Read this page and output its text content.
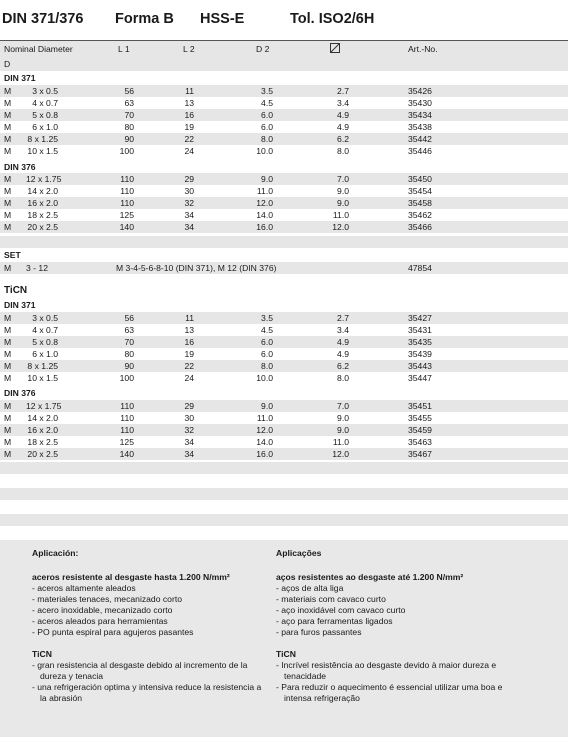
DIN 371/376 Forma B HSS-E	Tol. ISO2/6H
Nominal Diameter
D
L 1	L 2	D 2	Art.-No.
DIN 371
M	3 x 0.5	56	11	3.5	2.7	35426
M	4 x 0.7	63	13	4.5	3.4	35430
M	5 x 0.8	70	16	6.0	4.9	35434
M	6 x 1.0	80	19	6.0	4.9	35438
M 8 x 1.25	90	22	8.0	6.2	35442
M 10 x 1.5	100	24	10.0	8.0	35446
DIN 376
M 12 x 1.75	110	29	9.0	7.0	35450
M 14 x 2.0	110	30	11.0	9.0	35454
M 16 x 2.0	110	32	12.0	9.0	35458
M 18 x 2.5	125	34	14.0	11.0	35462
M 20 x 2.5	140	34	16.0	12.0	35466
SET
M 3 - 12	M 3-4-5-6-8-10 (DIN 371), M 12 (DIN 376)	47854
TiCN
DIN 371
M	3 x 0.5	56	11	3.5	2.7	35427
M	4 x 0.7	63	13	4.5	3.4	35431
M	5 x 0.8	70	16	6.0	4.9	35435
M	6 x 1.0	80	19	6.0	4.9	35439
M 8 x 1.25	90	22	8.0	6.2	35443
M 10 x 1.5	100	24	10.0	8.0	35447
DIN 376
M 12 x 1.75	110	29	9.0	7.0	35451
M 14 x 2.0	110	30	11.0	9.0	35455
M 16 x 2.0	110	32	12.0	9.0	35459
M 18 x 2.5	125	34	14.0	11.0	35463
M 20 x 2.5	140	34	16.0	12.0	35467
Aplicación:
aceros resistente al desgaste hasta 1.200 N/mm²
- aceros altamente aleados
- materiales tenaces, mecanizado corto
- acero inoxidable, mecanizado corto
- aceros aleados para herramientas
- PO punta espiral para agujeros pasantes
TiCN
- gran resistencia al desgaste debido al incremento de la dureza y tenacia
- una refrigeración optima y intensiva reduce la resistencia a la abrasión
Aplicações
aços resistentes ao desgaste até 1.200 N/mm²
- aços de alta liga
- materiais com cavaco curto
- aço inoxidável com cavaco curto
- aço para ferramentas ligados
- para furos passantes
TiCN
- Incrível resistência ao desgaste devido à maior dureza e tenacidade
- Para reduzir o aquecimento é essencial utilizar uma boa e intensa refrigeração
